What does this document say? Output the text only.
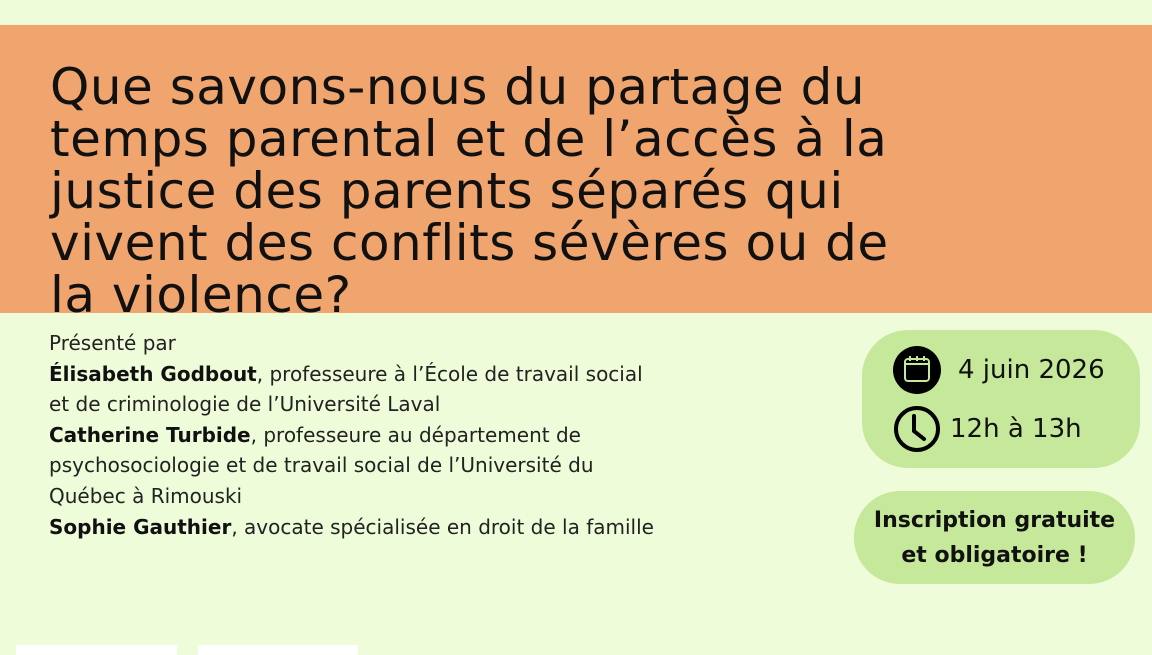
Que savons-nous du partage du
temps parental et de l’accès à la
justice des parents séparés qui
vivent des conflits sévères ou de
la violence?
Présenté par
Élisabeth Godbout, professeure à l’École de travail social
et de criminologie de l’Université Laval
Catherine Turbide, professeure au département de
psychosociologie et de travail social de l’Université du
Québec à Rimouski
Sophie Gauthier, avocate spécialisée en droit de la famille
4 juin 2026
12h à 13h
Inscription gratuite
et obligatoire !
